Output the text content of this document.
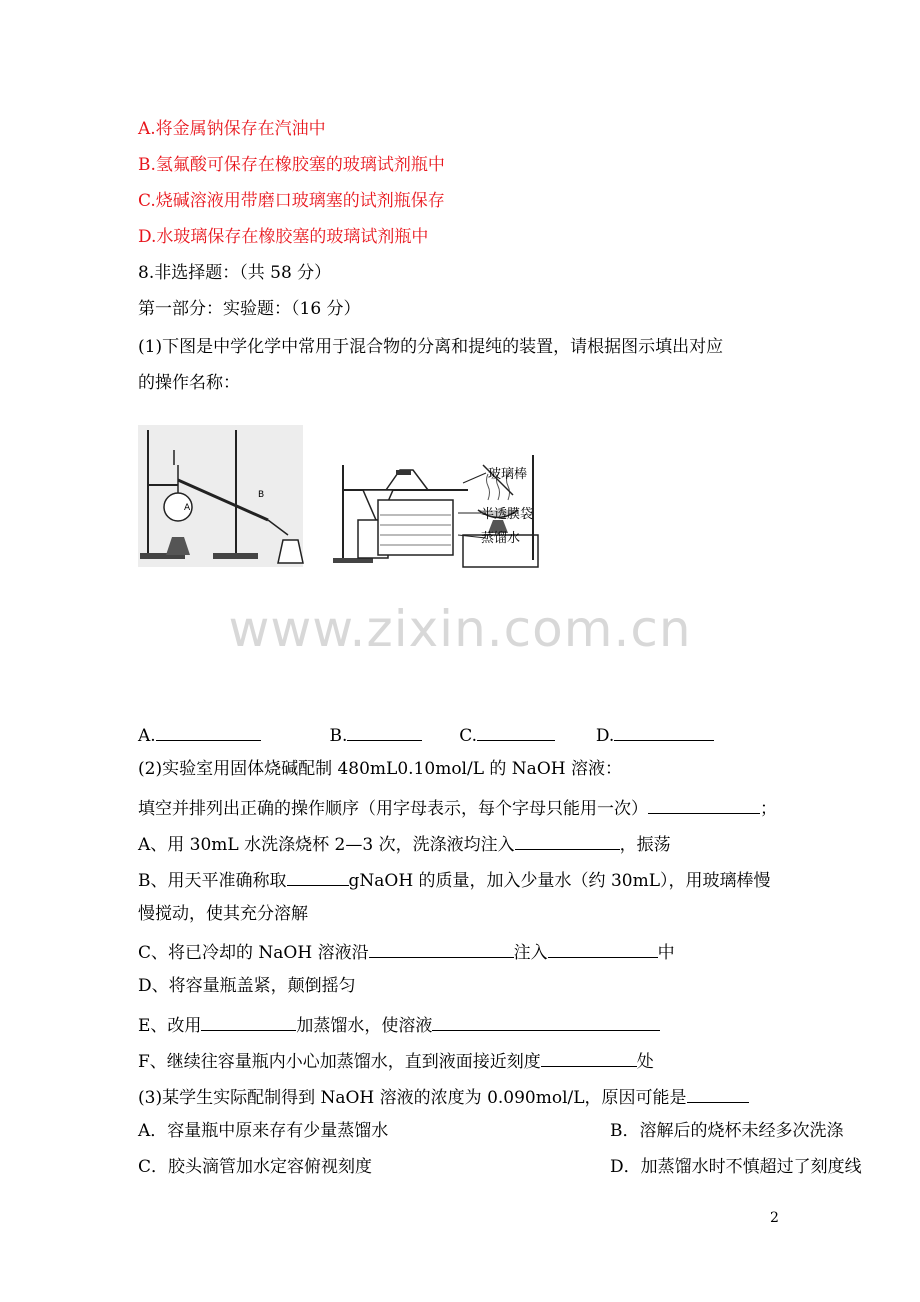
A.将金属钠保存在汽油中
B.氢氟酸可保存在橡胶塞的玻璃试剂瓶中
C.烧碱溶液用带磨口玻璃塞的试剂瓶保存
D.水玻璃保存在橡胶塞的玻璃试剂瓶中
8.非选择题：（共 58 分）
第一部分：实验题：（16 分）
(1)下图是中学化学中常用于混合物的分离和提纯的装置，请根据图示填出对应
的操作名称：
A
B
玻璃棒
半透膜袋
蒸馏水
www.zixin.com.cn
A.	B.	C.	D.
(2)实验室用固体烧碱配制 480mL0.10mol/L 的 NaOH 溶液：
填空并排列出正确的操作顺序（用字母表示，每个字母只能用一次）	；
A、用 30mL 水洗涤烧杯 2—3 次，洗涤液均注入	，振荡
B、用天平准确称取	gNaOH 的质量，加入少量水（约 30mL），用玻璃棒慢
慢搅动，使其充分溶解
C、将已冷却的 NaOH 溶液沿	注入	中
D、将容量瓶盖紧，颠倒摇匀
E、改用	加蒸馏水，使溶液
F、继续往容量瓶内小心加蒸馏水，直到液面接近刻度	处
(3)某学生实际配制得到 NaOH 溶液的浓度为 0.090mol/L，原因可能是
A．容量瓶中原来存有少量蒸馏水	B．溶解后的烧杯未经多次洗涤
C．胶头滴管加水定容俯视刻度	D．加蒸馏水时不慎超过了刻度线
2
